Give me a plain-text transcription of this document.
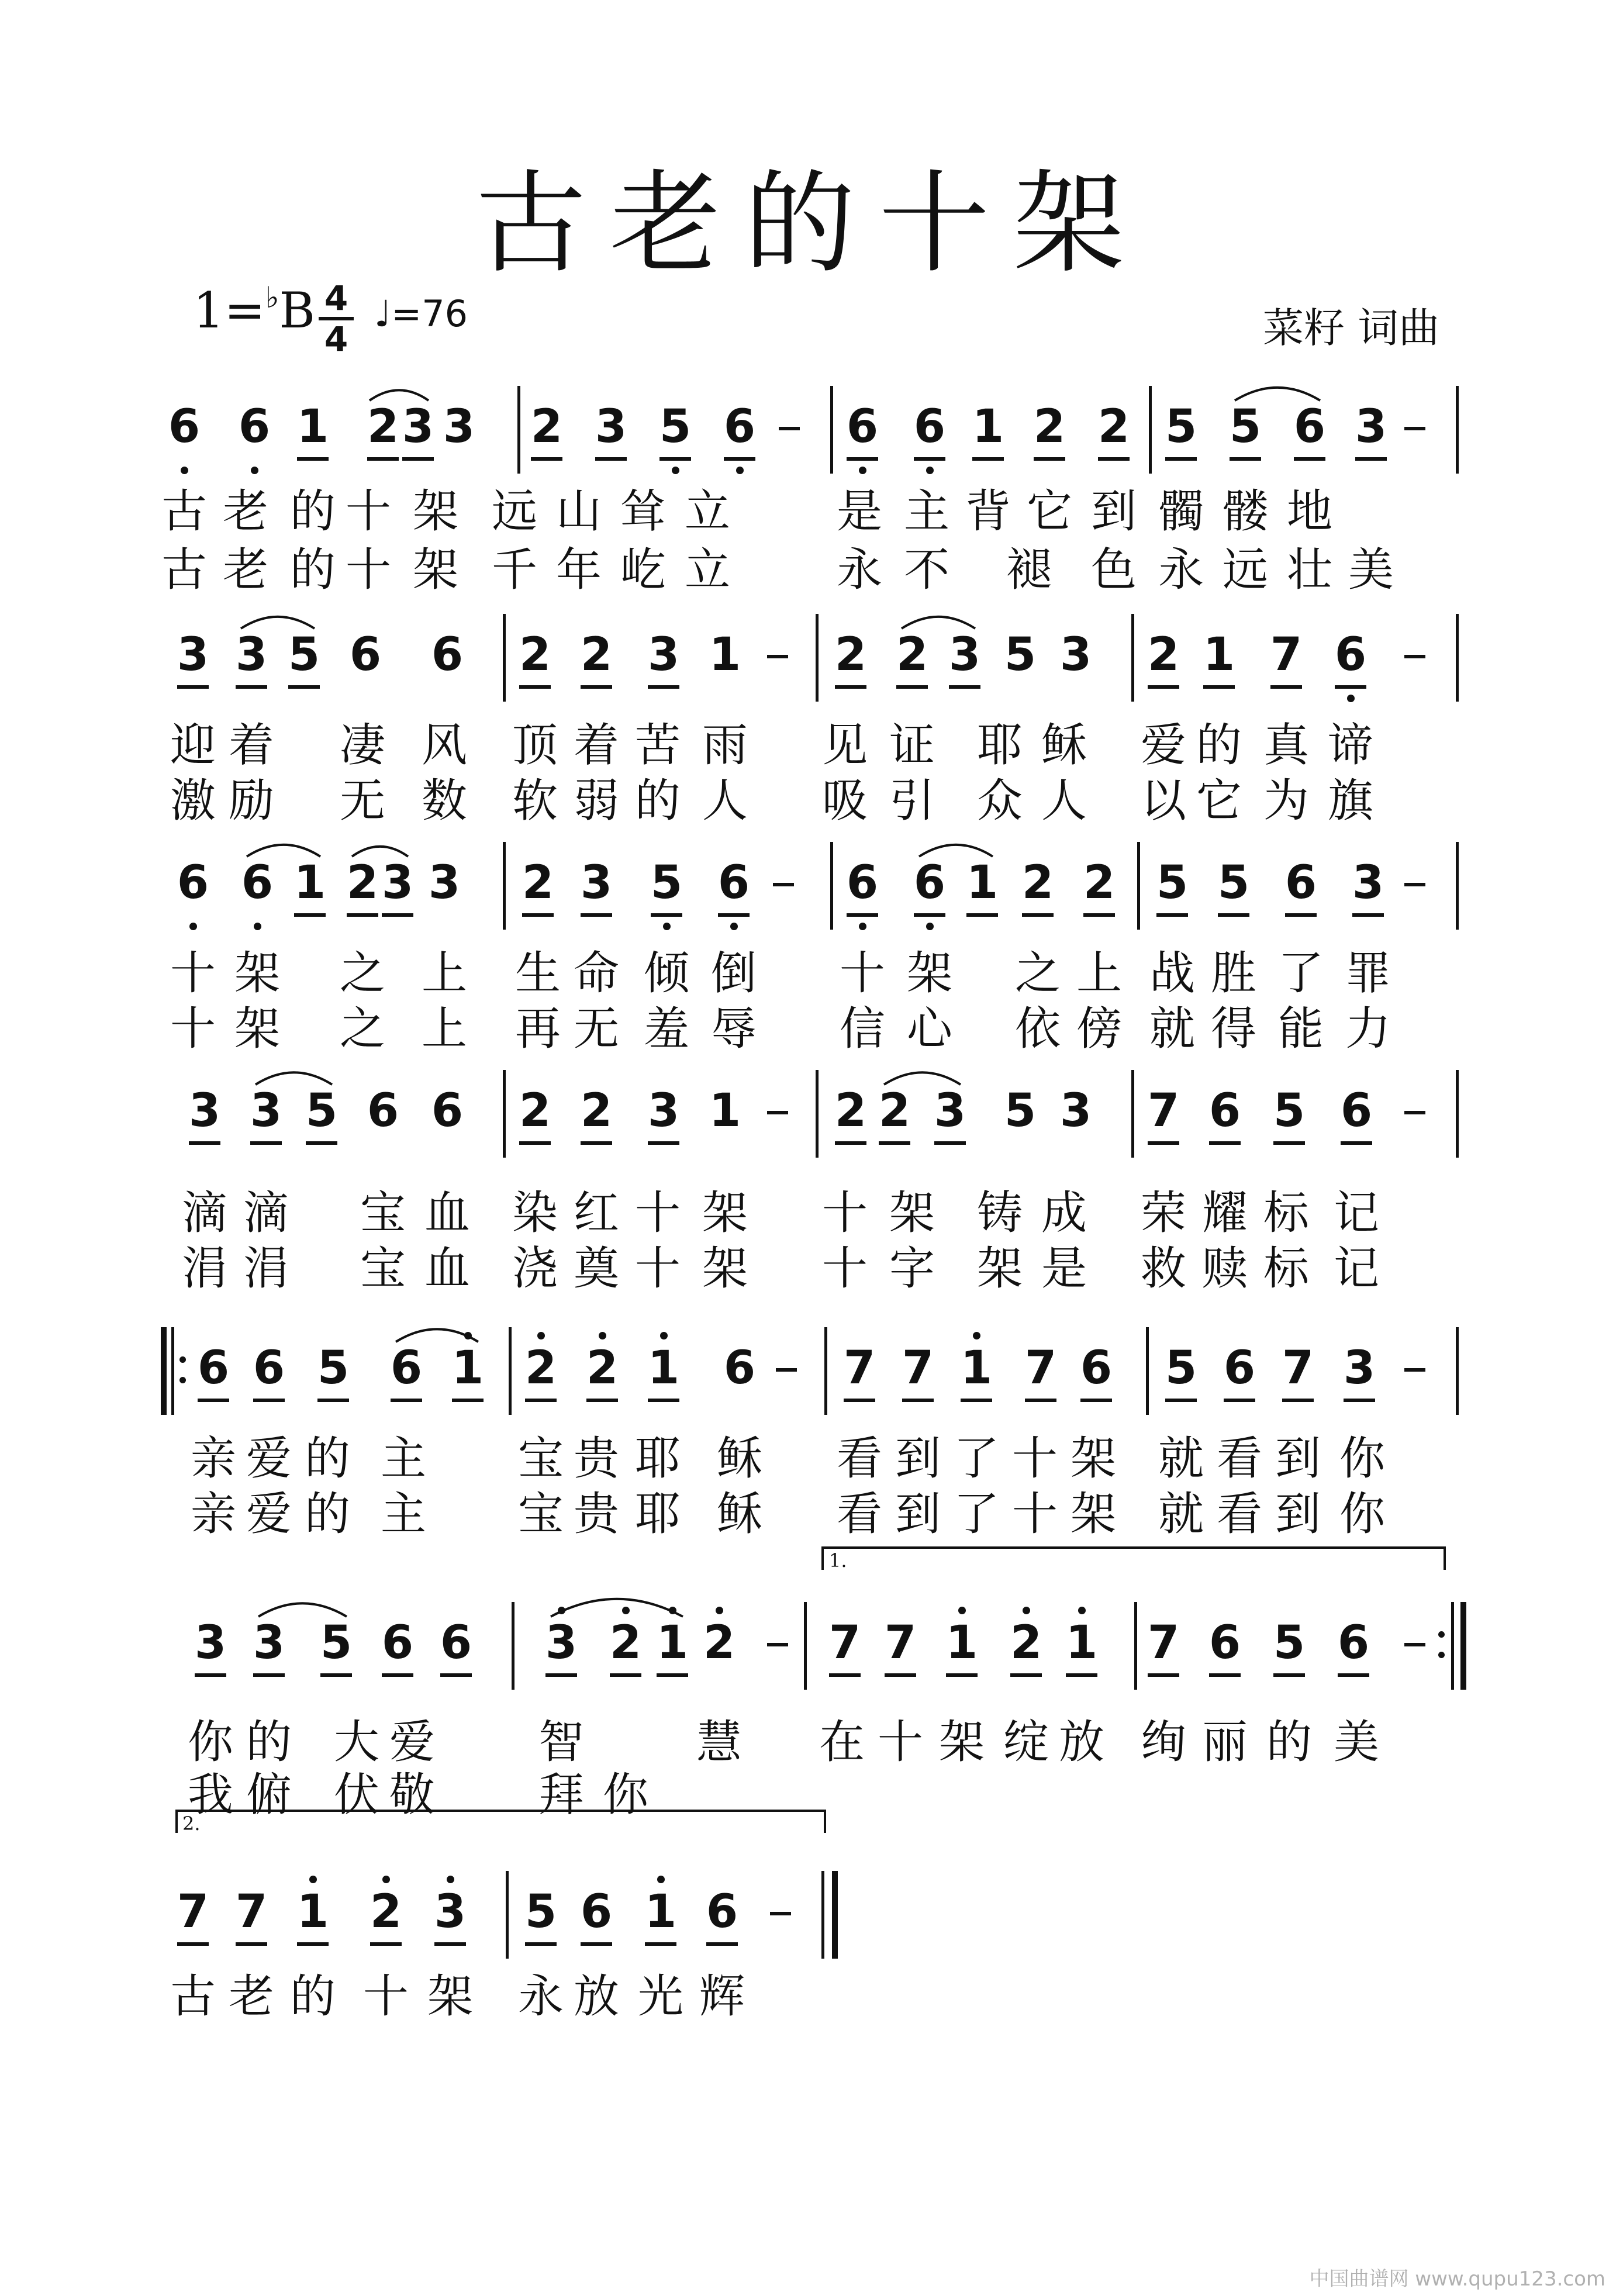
古老的十架
1=♭B 4
4
♩=76	菜籽 词曲
中国曲谱网 www.qupu123.com
6 6 1 2 3 3 2 3 5 6 6 6 1 2 2 5 5 6 3
古 老 的 十 架 远 山 耸 立 是 主 背 它 到 髑 髅 地
古 老 的 十 架 千 年 屹 立 永 不 褪 色 永 远 壮 美
3 3 5 6 6 2 2 3 1 2 2 3 5 3 2 1 7 6
迎 着 凄 风 顶 着 苦 雨 见 证 耶 稣 爱 的 真 谛
激 励 无 数 软 弱 的 人 吸 引 众 人 以 它 为 旗
6 6 1 2 3 3 2 3 5 6 6 6 1 2 2 5 5 6 3
十 架 之 上 生 命 倾 倒 十 架 之 上 战 胜 了 罪
十 架 之 上 再 无 羞 辱 信 心 依 傍 就 得 能 力
3 3 5 6 6 2 2 3 1 2 2 3 5 3 7 6 5 6
滴 滴 宝 血 染 红 十 架 十 架 铸 成 荣 耀 标 记
涓 涓 宝 血 浇 奠 十 架 十 字 架 是 救 赎 标 记
6 6 5 6 1 2 2 1 6 7 7 1 7 6 5 6 7 3
亲 爱 的 主 宝 贵 耶 稣 看 到 了 十 架 就 看 到 你
亲 爱 的 主 宝 贵 耶 稣 看 到 了 十 架 就 看 到 你
3 3 5 6 6 3 2 1 2 7 7 1 2 1 7 6 5 6
你 的 大 爱 智 慧 在 十 架 绽 放 绚 丽 的 美
我 俯 伏 敬 拜 你
7 7 1 2 3 5 6 1 6
古 老 的 十 架 永 放 光 辉
1.
2.
